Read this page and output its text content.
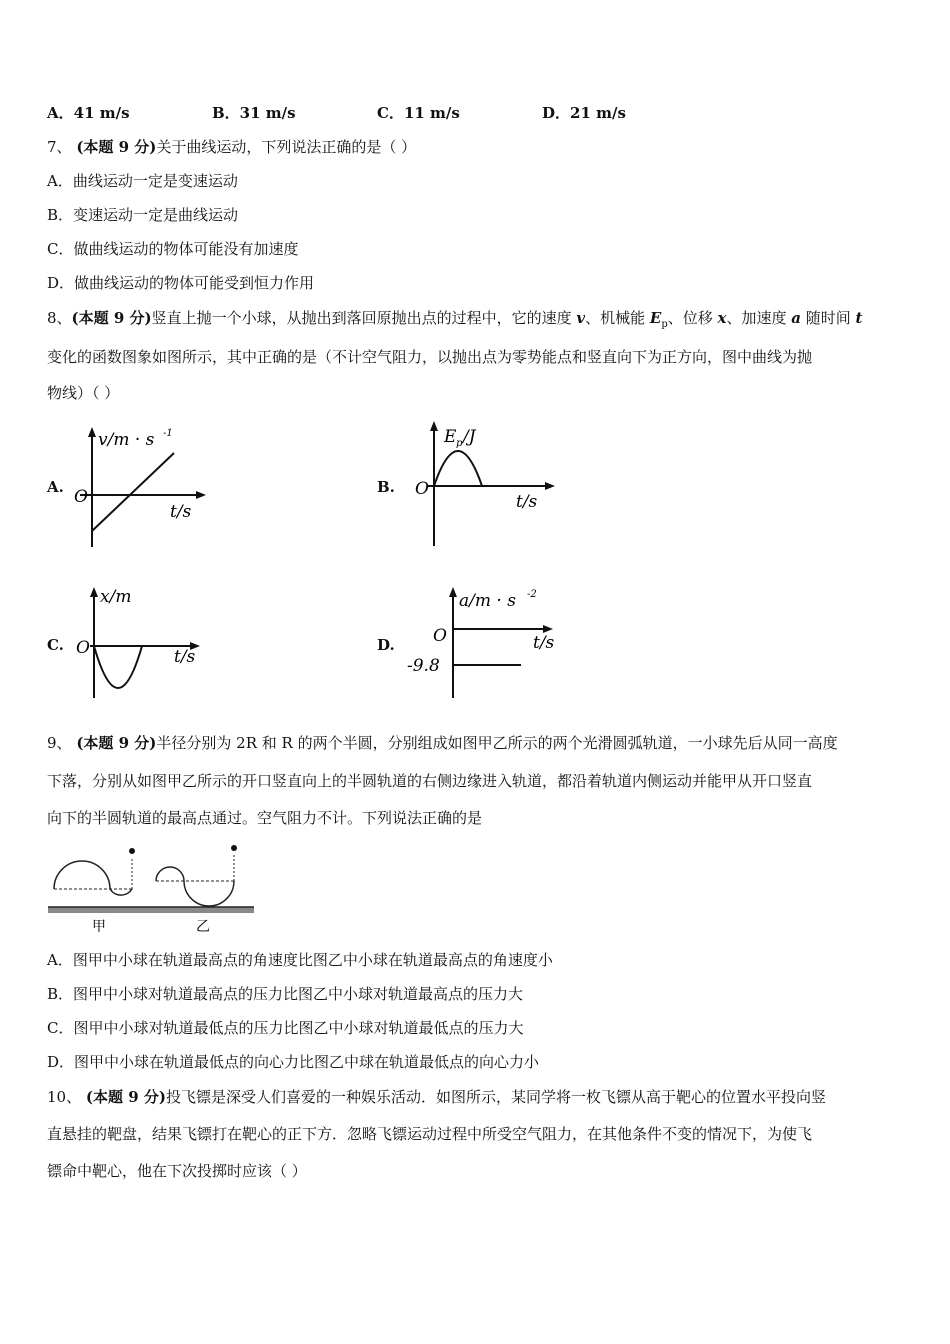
A．41 m/s	B．31 m/s	C．11 m/s	D．21 m/s
7、 (本题 9 分)关于曲线运动，下列说法正确的是（ ）
A．曲线运动一定是变速运动
B．变速运动一定是曲线运动
C．做曲线运动的物体可能没有加速度
D．做曲线运动的物体可能受到恒力作用
8、(本题 9 分)竖直上抛一个小球，从抛出到落回原抛出点的过程中，它的速度 v、机械能 $E_p$、位移 x、加速度 a 随时间 t
变化的函数图象如图所示，其中正确的是（不计空气阻力，以抛出点为零势能点和竖直向下为正方向，图中曲线为抛
物线）（ ）
A.	B.
C.	D.
v/m · s -1
O
t/s
E p /J
O
t/s
x/m
O	t/s
a/m · s -2
O	t/s
-9.8
9、 (本题 9 分)半径分别为 2R 和 R 的两个半圆，分别组成如图甲乙所示的两个光滑圆弧轨道，一小球先后从同一高度
下落，分别从如图甲乙所示的开口竖直向上的半圆轨道的右侧边缘进入轨道，都沿着轨道内侧运动并能甲从开口竖直
向下的半圆轨道的最高点通过。空气阻力不计。下列说法正确的是
甲	乙
A．图甲中小球在轨道最高点的角速度比图乙中小球在轨道最高点的角速度小
B．图甲中小球对轨道最高点的压力比图乙中小球对轨道最高点的压力大
C．图甲中小球对轨道最低点的压力比图乙中小球对轨道最低点的压力大
D．图甲中小球在轨道最低点的向心力比图乙中球在轨道最低点的向心力小
10、 (本题 9 分)投飞镖是深受人们喜爱的一种娱乐活动．如图所示，某同学将一枚飞镖从高于靶心的位置水平投向竖
直悬挂的靶盘，结果飞镖打在靶心的正下方．忽略飞镖运动过程中所受空气阻力，在其他条件不变的情况下，为使飞
镖命中靶心，他在下次投掷时应该（ ）
